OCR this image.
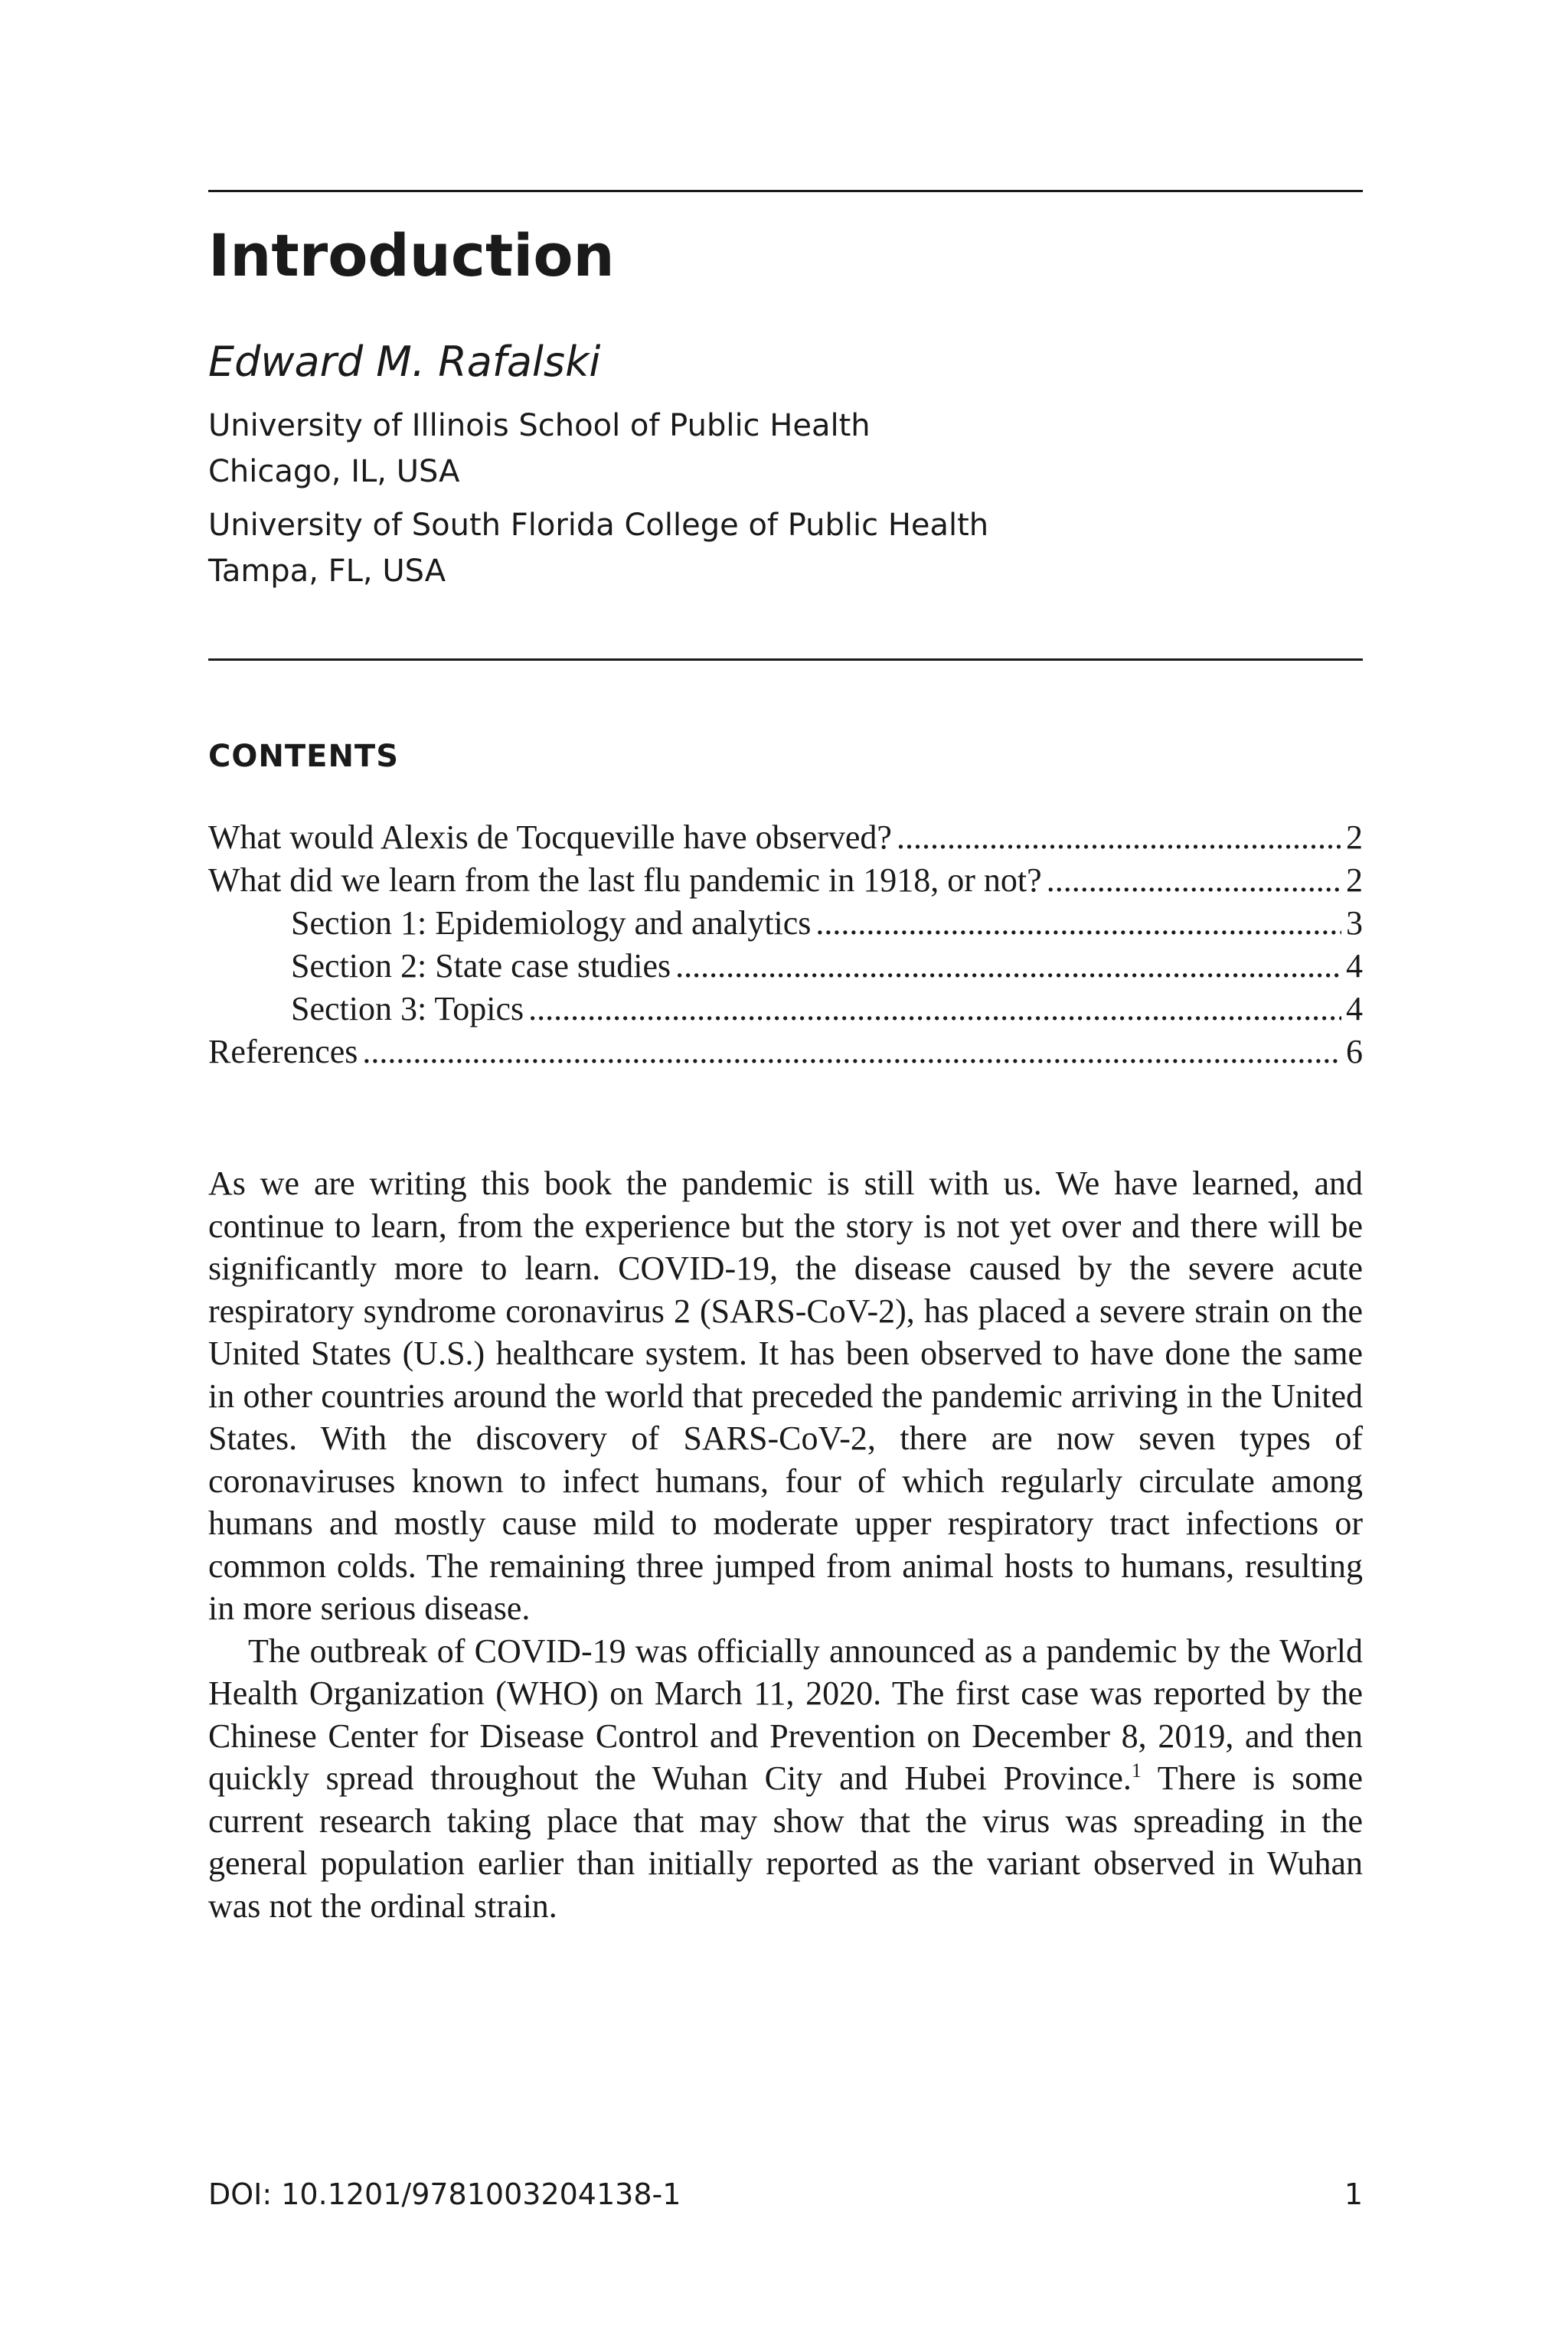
Introduction
Edward M. Rafalski
University of Illinois School of Public Health
Chicago, IL, USA
University of South Florida College of Public Health
Tampa, FL, USA
CONTENTS
What would Alexis de Tocqueville have observed? .....	2
What did we learn from the last flu pandemic in 1918, or not? .....	2
Section 1: Epidemiology and analytics .....	3
Section 2: State case studies .....	4
Section 3: Topics .....	4
References .....	6

As we are writing this book the pandemic is still with us. We have learned, and continue to learn, from the experience but the story is not yet over and there will be significantly more to learn. COVID-19, the disease caused by the severe acute respiratory syndrome coronavirus 2 (SARS-CoV-2), has placed a severe strain on the United States (U.S.) healthcare system. It has been observed to have done the same in other countries around the world that preceded the pandemic arriving in the United States. With the discovery of SARS-CoV-2, there are now seven types of coronaviruses known to infect humans, four of which regularly circulate among humans and mostly cause mild to moderate upper respiratory tract infections or common colds. The remaining three jumped from animal hosts to humans, resulting in more serious disease.

The outbreak of COVID-19 was officially announced as a pandemic by the World Health Organization (WHO) on March 11, 2020. The first case was reported by the Chinese Center for Disease Control and Prevention on December 8, 2019, and then quickly spread throughout the Wuhan City and Hubei Province.$^1$ There is some current research taking place that may show that the virus was spreading in the general population earlier than initially reported as the variant observed in Wuhan was not the ordinal strain.

DOI: 10.1201/9781003204138-1	1
